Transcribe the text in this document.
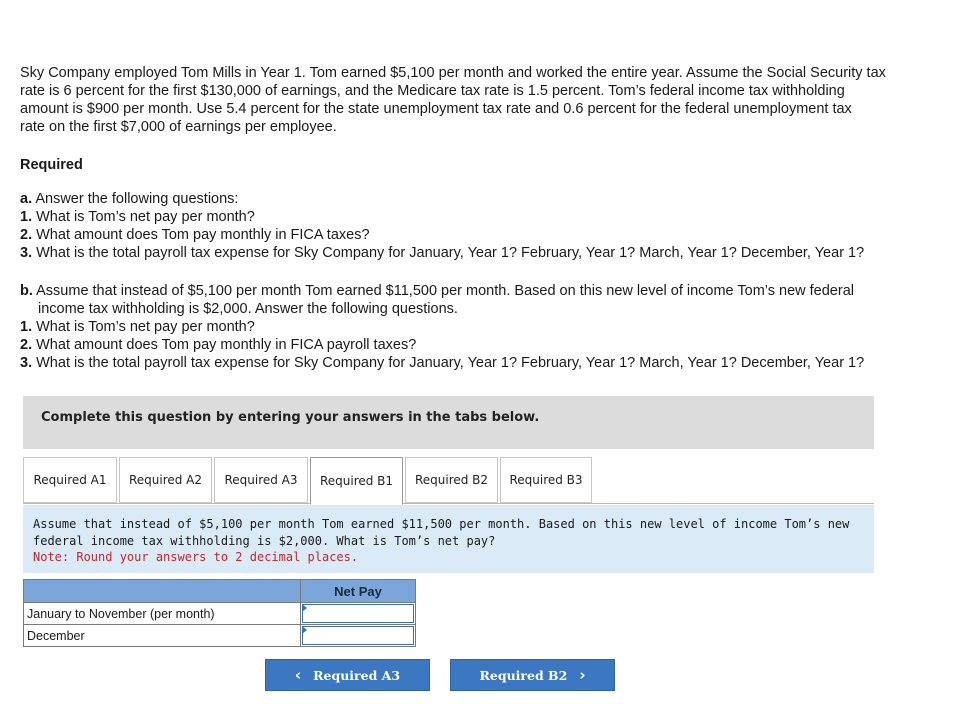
Sky Company employed Tom Mills in Year 1. Tom earned $5,100 per month and worked the entire year. Assume the Social Security tax
rate is 6 percent for the first $130,000 of earnings, and the Medicare tax rate is 1.5 percent. Tom’s federal income tax withholding
amount is $900 per month. Use 5.4 percent for the state unemployment tax rate and 0.6 percent for the federal unemployment tax
rate on the first $7,000 of earnings per employee.
Required
a. Answer the following questions:
1. What is Tom’s net pay per month?
2. What amount does Tom pay monthly in FICA taxes?
3. What is the total payroll tax expense for Sky Company for January, Year 1? February, Year 1? March, Year 1? December, Year 1?
b. Assume that instead of $5,100 per month Tom earned $11,500 per month. Based on this new level of income Tom’s new federal
income tax withholding is $2,000. Answer the following questions.
1. What is Tom’s net pay per month?
2. What amount does Tom pay monthly in FICA payroll taxes?
3. What is the total payroll tax expense for Sky Company for January, Year 1? February, Year 1? March, Year 1? December, Year 1?
Complete this question by entering your answers in the tabs below.
Required A1	Required A2	Required A3	Required B1	Required B2	Required B3
Assume that instead of $5,100 per month Tom earned $11,500 per month. Based on this new level of income Tom’s new
federal income tax withholding is $2,000. What is Tom’s net pay?
Note: Round your answers to 2 decimal places.
	Net Pay
January to November (per month)	

December	
‹ Required A3	Required B2 ›
